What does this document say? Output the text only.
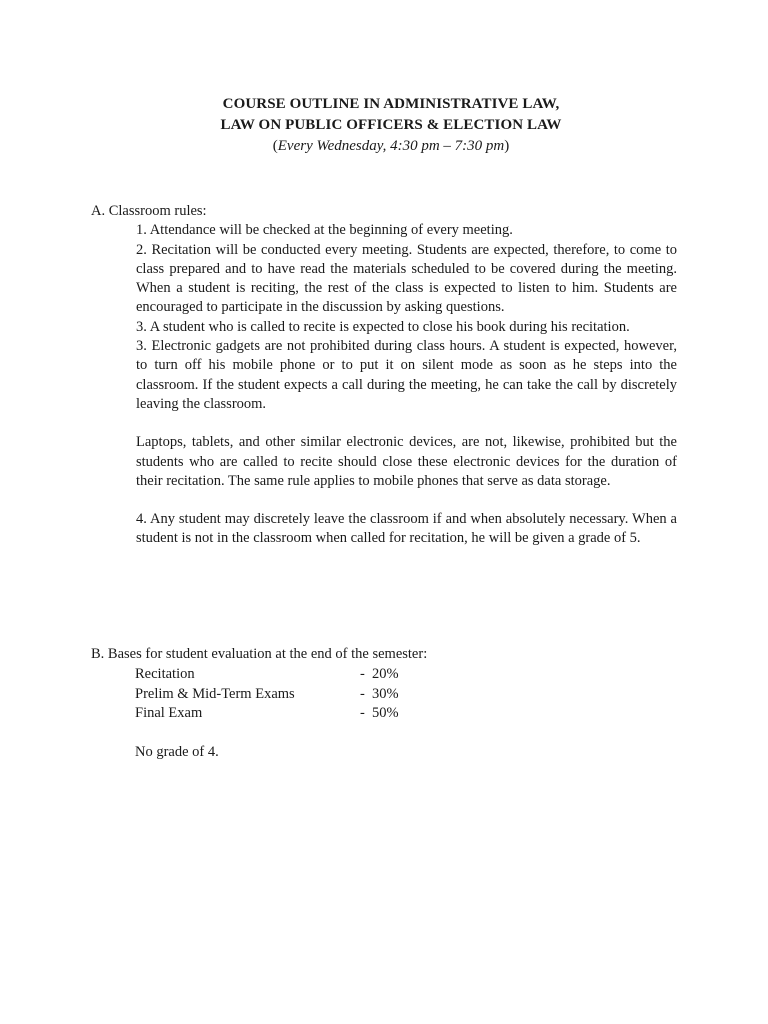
COURSE OUTLINE IN ADMINISTRATIVE LAW,
LAW ON PUBLIC OFFICERS & ELECTION LAW
(Every Wednesday, 4:30 pm – 7:30 pm)
A. Classroom rules:

1. Attendance will be checked at the beginning of every meeting.

2. Recitation will be conducted every meeting. Students are expected, therefore, to come to class prepared and to have read the materials scheduled to be covered during the meeting. When a student is reciting, the rest of the class is expected to listen to him. Students are encouraged to participate in the discussion by asking questions.

3. A student who is called to recite is expected to close his book during his recitation.

3. Electronic gadgets are not prohibited during class hours. A student is expected, however, to turn off his mobile phone or to put it on silent mode as soon as he steps into the classroom. If the student expects a call during the meeting, he can take the call by discretely leaving the classroom.

Laptops, tablets, and other similar electronic devices, are not, likewise, prohibited but the students who are called to recite should close these electronic devices for the duration of their recitation. The same rule applies to mobile phones that serve as data storage.

4. Any student may discretely leave the classroom if and when absolutely necessary. When a student is not in the classroom when called for recitation, he will be given a grade of 5.

B. Bases for student evaluation at the end of the semester:
Recitation	- 20%
Prelim & Mid-Term Exams	- 30%
Final Exam	- 50%
No grade of 4.
